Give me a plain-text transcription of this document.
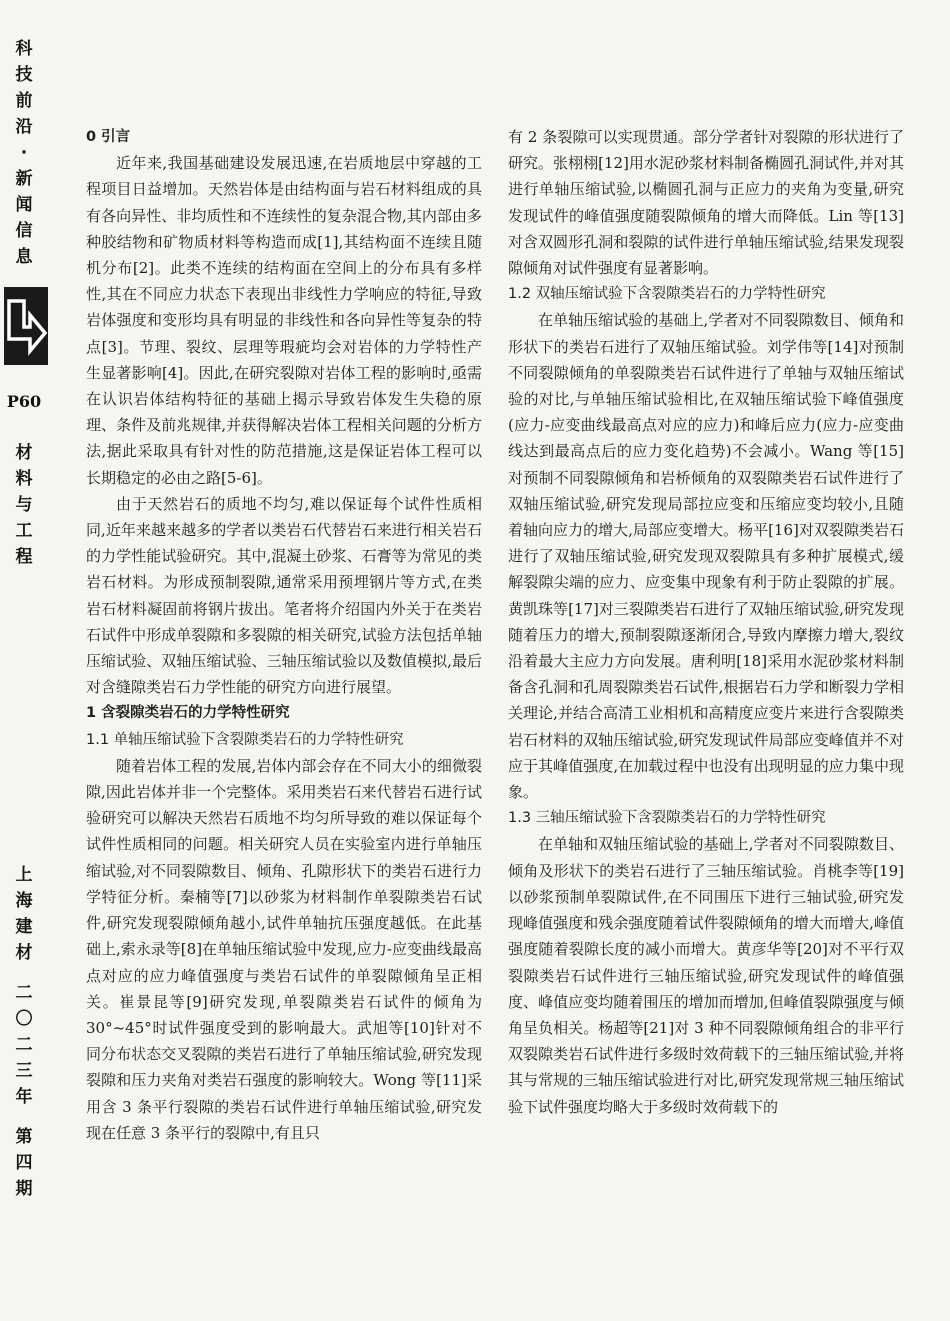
科
技
前
沿
·
新
闻
信
息
P60
材
料
与
工
程
上
海
建
材
二
〇
二
三
年
第
四
期
0 引言

近年来,我国基础建设发展迅速,在岩质地层中穿越的工程项目日益增加。天然岩体是由结构面与岩石材料组成的具有各向异性、非均质性和不连续性的复杂混合物,其内部由多种胶结物和矿物质材料等构造而成[1],其结构面不连续且随机分布[2]。此类不连续的结构面在空间上的分布具有多样性,其在不同应力状态下表现出非线性力学响应的特征,导致岩体强度和变形均具有明显的非线性和各向异性等复杂的特点[3]。节理、裂纹、层理等瑕疵均会对岩体的力学特性产生显著影响[4]。因此,在研究裂隙对岩体工程的影响时,亟需在认识岩体结构特征的基础上揭示导致岩体发生失稳的原理、条件及前兆规律,并获得解决岩体工程相关问题的分析方法,据此采取具有针对性的防范措施,这是保证岩体工程可以长期稳定的必由之路[5-6]。

由于天然岩石的质地不均匀,难以保证每个试件性质相同,近年来越来越多的学者以类岩石代替岩石来进行相关岩石的力学性能试验研究。其中,混凝土砂浆、石膏等为常见的类岩石材料。为形成预制裂隙,通常采用预埋钢片等方式,在类岩石材料凝固前将钢片拔出。笔者将介绍国内外关于在类岩石试件中形成单裂隙和多裂隙的相关研究,试验方法包括单轴压缩试验、双轴压缩试验、三轴压缩试验以及数值模拟,最后对含缝隙类岩石力学性能的研究方向进行展望。

1 含裂隙类岩石的力学特性研究
1.1 单轴压缩试验下含裂隙类岩石的力学特性研究

随着岩体工程的发展,岩体内部会存在不同大小的细微裂隙,因此岩体并非一个完整体。采用类岩石来代替岩石进行试验研究可以解决天然岩石质地不均匀所导致的难以保证每个试件性质相同的问题。相关研究人员在实验室内进行单轴压缩试验,对不同裂隙数目、倾角、孔隙形状下的类岩石进行力学特征分析。秦楠等[7]以砂浆为材料制作单裂隙类岩石试件,研究发现裂隙倾角越小,试件单轴抗压强度越低。在此基础上,索永录等[8]在单轴压缩试验中发现,应力-应变曲线最高点对应的应力峰值强度与类岩石试件的单裂隙倾角呈正相关。崔景昆等[9]研究发现,单裂隙类岩石试件的倾角为30°~45°时试件强度受到的影响最大。武旭等[10]针对不同分布状态交叉裂隙的类岩石进行了单轴压缩试验,研究发现裂隙和压力夹角对类岩石强度的影响较大。Wong 等[11]采用含 3 条平行裂隙的类岩石试件进行单轴压缩试验,研究发现在任意 3 条平行的裂隙中,有且只

有 2 条裂隙可以实现贯通。部分学者针对裂隙的形状进行了研究。张栩栩[12]用水泥砂浆材料制备椭圆孔洞试件,并对其进行单轴压缩试验,以椭圆孔洞与正应力的夹角为变量,研究发现试件的峰值强度随裂隙倾角的增大而降低。Lin 等[13]对含双圆形孔洞和裂隙的试件进行单轴压缩试验,结果发现裂隙倾角对试件强度有显著影响。

1.2 双轴压缩试验下含裂隙类岩石的力学特性研究

在单轴压缩试验的基础上,学者对不同裂隙数目、倾角和形状下的类岩石进行了双轴压缩试验。刘学伟等[14]对预制不同裂隙倾角的单裂隙类岩石试件进行了单轴与双轴压缩试验的对比,与单轴压缩试验相比,在双轴压缩试验下峰值强度(应力-应变曲线最高点对应的应力)和峰后应力(应力-应变曲线达到最高点后的应力变化趋势)不会减小。Wang 等[15]对预制不同裂隙倾角和岩桥倾角的双裂隙类岩石试件进行了双轴压缩试验,研究发现局部拉应变和压缩应变均较小,且随着轴向应力的增大,局部应变增大。杨平[16]对双裂隙类岩石进行了双轴压缩试验,研究发现双裂隙具有多种扩展模式,缓解裂隙尖端的应力、应变集中现象有利于防止裂隙的扩展。黄凯珠等[17]对三裂隙类岩石进行了双轴压缩试验,研究发现随着压力的增大,预制裂隙逐渐闭合,导致内摩擦力增大,裂纹沿着最大主应力方向发展。唐利明[18]采用水泥砂浆材料制备含孔洞和孔周裂隙类岩石试件,根据岩石力学和断裂力学相关理论,并结合高清工业相机和高精度应变片来进行含裂隙类岩石材料的双轴压缩试验,研究发现试件局部应变峰值并不对应于其峰值强度,在加载过程中也没有出现明显的应力集中现象。

1.3 三轴压缩试验下含裂隙类岩石的力学特性研究

在单轴和双轴压缩试验的基础上,学者对不同裂隙数目、倾角及形状下的类岩石进行了三轴压缩试验。肖桃李等[19]以砂浆预制单裂隙试件,在不同围压下进行三轴试验,研究发现峰值强度和残余强度随着试件裂隙倾角的增大而增大,峰值强度随着裂隙长度的减小而增大。黄彦华等[20]对不平行双裂隙类岩石试件进行三轴压缩试验,研究发现试件的峰值强度、峰值应变均随着围压的增加而增加,但峰值裂隙强度与倾角呈负相关。杨超等[21]对 3 种不同裂隙倾角组合的非平行双裂隙类岩石试件进行多级时效荷载下的三轴压缩试验,并将其与常规的三轴压缩试验进行对比,研究发现常规三轴压缩试验下试件强度均略大于多级时效荷载下的
